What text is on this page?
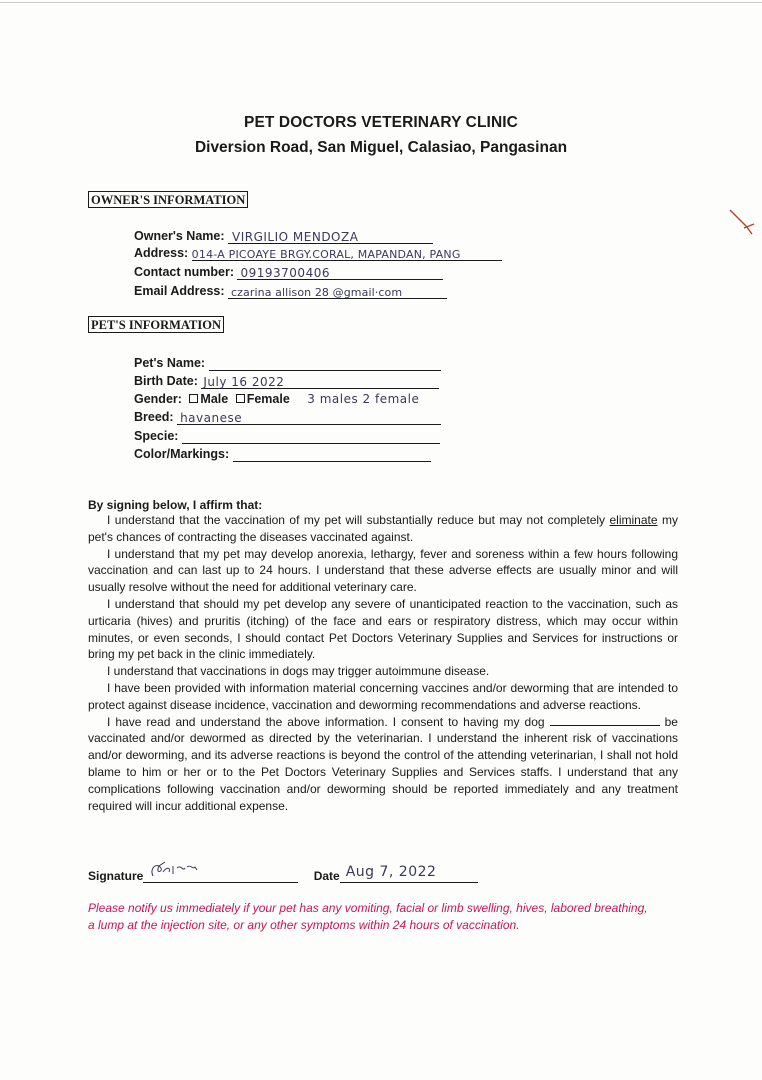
PET DOCTORS VETERINARY CLINIC
Diversion Road, San Miguel, Calasiao, Pangasinan
OWNER'S INFORMATION
Owner's Name: VIRGILIO MENDOZA
Address: 014-A PICOAYE BRGY.CORAL, MAPANDAN, PANG
Contact number: 09193700406
Email Address: czarina allison 28 @gmail·com
PET'S INFORMATION
Pet's Name:
Birth Date: July 16 2022
Gender: Male Female 3 males 2 female
Breed: havanese
Specie:
Color/Markings:
By signing below, I affirm that:

I understand that the vaccination of my pet will substantially reduce but may not completely eliminate my pet's chances of contracting the diseases vaccinated against.

I understand that my pet may develop anorexia, lethargy, fever and soreness within a few hours following vaccination and can last up to 24 hours. I understand that these adverse effects are usually minor and will usually resolve without the need for additional veterinary care.

I understand that should my pet develop any severe of unanticipated reaction to the vaccination, such as urticaria (hives) and pruritis (itching) of the face and ears or respiratory distress, which may occur within minutes, or even seconds, I should contact Pet Doctors Veterinary Supplies and Services for instructions or bring my pet back in the clinic immediately.

I understand that vaccinations in dogs may trigger autoimmune disease.

I have been provided with information material concerning vaccines and/or deworming that are intended to protect against disease incidence, vaccination and deworming recommendations and adverse reactions.

I have read and understand the above information. I consent to having my dog	be vaccinated and/or dewormed as directed by the veterinarian. I understand the inherent risk of vaccinations and/or deworming, and its adverse reactions is beyond the control of the attending veterinarian, I shall not hold blame to him or her or to the Pet Doctors Veterinary Supplies and Services staffs. I understand that any complications following vaccination and/or deworming should be reported immediately and any treatment required will incur additional expense.

Signature	Date Aug 7, 2022
Please notify us immediately if your pet has any vomiting, facial or limb swelling, hives, labored breathing, a lump at the injection site, or any other symptoms within 24 hours of vaccination.
